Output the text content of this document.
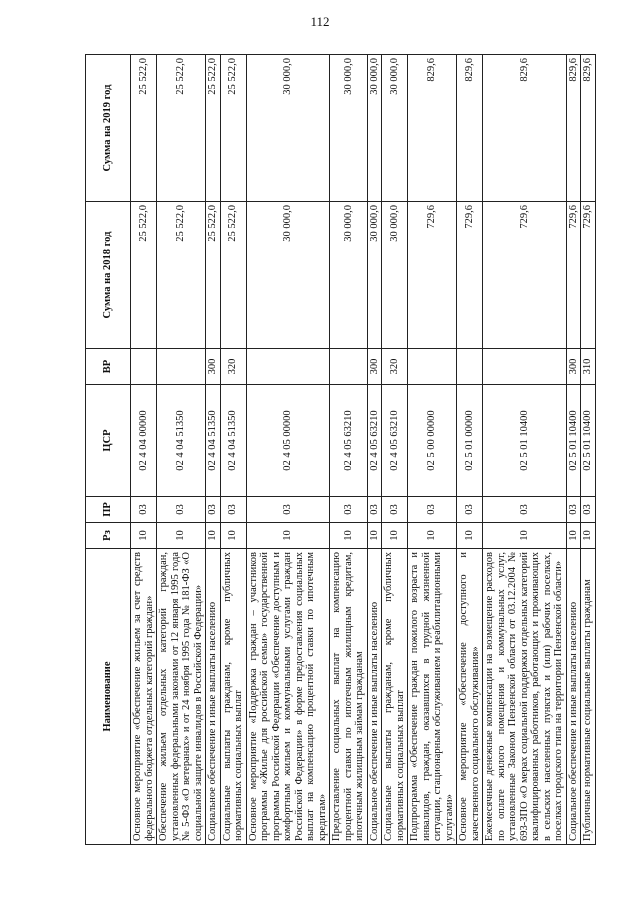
112
Наименование	Рз	ПР	ЦСР	ВР	Сумма на 2018 год	Сумма на 2019 год
Основное мероприятие «Обеспечение жильем за счет средств федерального бюджета отдельных категорий граждан»	10	03	02 4 04 00000		25 522,0	25 522,0
Обеспечение жильем отдельных категорий граждан, установленных федеральными законами от 12 января 1995 года № 5-ФЗ «О ветеранах» и от 24 ноября 1995 года № 181-ФЗ «О социальной защите инвалидов в Российской Федерации»	10	03	02 4 04 51350		25 522,0	25 522,0
Социальное обеспечение и иные выплаты населению	10	03	02 4 04 51350	300	25 522,0	25 522,0
Социальные выплаты гражданам, кроме публичных нормативных социальных выплат	10	03	02 4 04 51350	320	25 522,0	25 522,0
Основное мероприятие «Поддержка граждан – участников программы «Жилье для российской семьи» государственной программы Российской Федерации «Обеспечение доступным и комфортным жильем и коммунальными услугами граждан Российской Федерации» в форме предоставления социальных выплат на компенсацию процентной ставки по ипотечным кредитам»	10	03	02 4 05 00000		30 000,0	30 000,0
Предоставление социальных выплат на компенсацию процентной ставки по ипотечным жилищным кредитам, ипотечным жилищным займам гражданам	10	03	02 4 05 63210		30 000,0	30 000,0
Социальное обеспечение и иные выплаты населению	10	03	02 4 05 63210	300	30 000,0	30 000,0
Социальные выплаты гражданам, кроме публичных нормативных социальных выплат	10	03	02 4 05 63210	320	30 000,0	30 000,0
Подпрограмма «Обеспечение граждан пожилого возраста и инвалидов, граждан, оказавшихся в трудной жизненной ситуации, стационарным обслуживанием и реабилитационными услугами»	10	03	02 5 00 00000		729,6	829,6
Основное мероприятие «Обеспечение доступного и качественного социального обслуживания»	10	03	02 5 01 00000		729,6	829,6
Ежемесячные денежные компенсации на возмещение расходов по оплате жилого помещения и коммунальных услуг, установленные Законом Пензенской области от 03.12.2004 № 693-ЗПО «О мерах социальной поддержки отдельных категорий квалифицированных работников, работающих и проживающих в сельских населенных пунктах и (или) рабочих поселках, поселках городского типа на территории Пензенской области»	10	03	02 5 01 10400		729,6	829,6
Социальное обеспечение и иные выплаты населению	10	03	02 5 01 10400	300	729,6	829,6
Публичные нормативные социальные выплаты гражданам	10	03	02 5 01 10400	310	729,6	829,6
